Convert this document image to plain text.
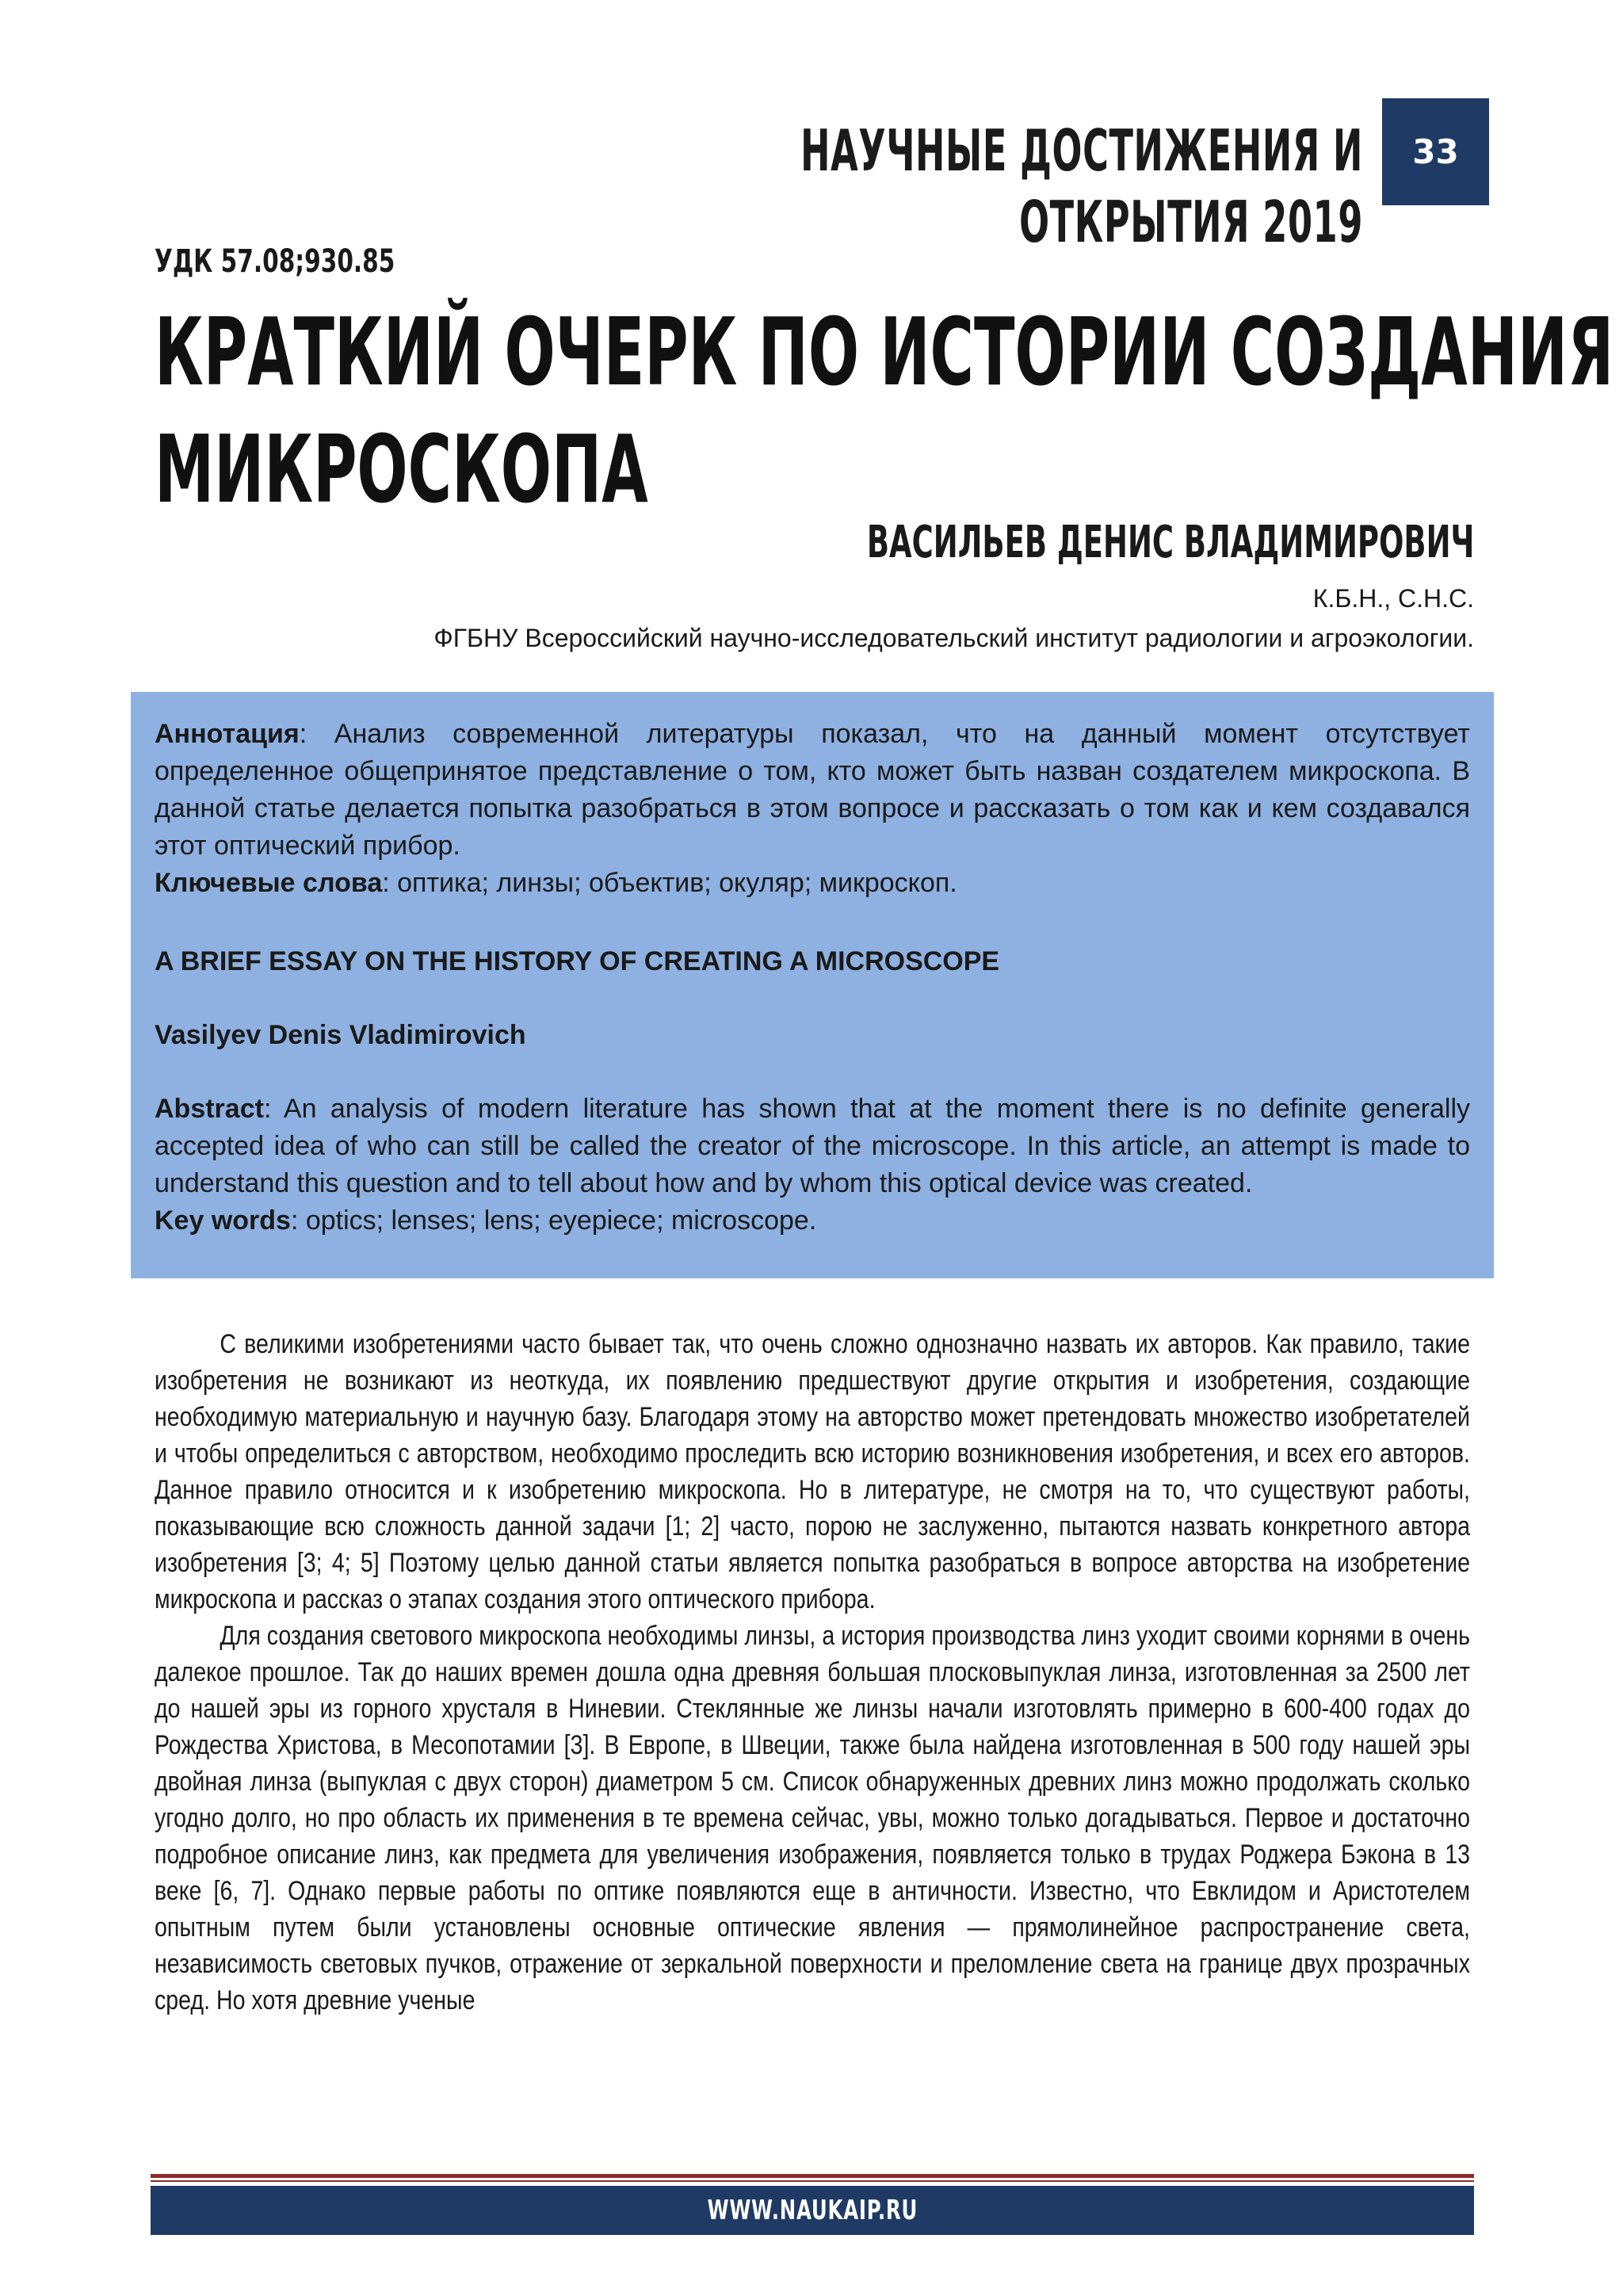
НАУЧНЫЕ ДОСТИЖЕНИЯ И ОТКРЫТИЯ 2019
33
УДК 57.08;930.85
КРАТКИЙ ОЧЕРК ПО ИСТОРИИ СОЗДАНИЯ
МИКРОСКОПА
ВАСИЛЬЕВ ДЕНИС ВЛАДИМИРОВИЧ
К.Б.Н., С.Н.С.
ФГБНУ Всероссийский научно-исследовательский институт радиологии и агроэкологии.

Аннотация: Анализ современной литературы показал, что на данный момент отсутствует определенное общепринятое представление о том, кто может быть назван создателем микроскопа. В данной статье делается попытка разобраться в этом вопросе и рассказать о том как и кем создавался этот оптический прибор.

Ключевые слова: оптика; линзы; объектив; окуляр; микроскоп.

A BRIEF ESSAY ON THE HISTORY OF CREATING A MICROSCOPE

Vasilyev Denis Vladimirovich

Abstract: An analysis of modern literature has shown that at the moment there is no definite generally accepted idea of who can still be called the creator of the microscope. In this article, an attempt is made to understand this question and to tell about how and by whom this optical device was created.

Key words: optics; lenses; lens; eyepiece; microscope.

С великими изобретениями часто бывает так, что очень сложно однозначно назвать их авторов. Как правило, такие изобретения не возникают из неоткуда, их появлению предшествуют другие открытия и изобретения, создающие необходимую материальную и научную базу. Благодаря этому на авторство может претендовать множество изобретателей и чтобы определиться с авторством, необходимо проследить всю историю возникновения изобретения, и всех его авторов. Данное правило относится и к изобретению микроскопа. Но в литературе, не смотря на то, что существуют работы, показывающие всю сложность данной задачи [1; 2] часто, порою не заслуженно, пытаются назвать конкретного автора изобретения [3; 4; 5] Поэтому целью данной статьи является попытка разобраться в вопросе авторства на изобретение микроскопа и рассказ о этапах создания этого оптического прибора.

Для создания светового микроскопа необходимы линзы, а история производства линз уходит своими корнями в очень далекое прошлое. Так до наших времен дошла одна древняя большая плосковыпуклая линза, изготовленная за 2500 лет до нашей эры из горного хрусталя в Ниневии. Стеклянные же линзы начали изготовлять примерно в 600-400 годах до Рождества Христова, в Месопотамии [3]. В Европе, в Швеции, также была найдена изготовленная в 500 году нашей эры двойная линза (выпуклая с двух сторон) диаметром 5 см. Список обнаруженных древних линз можно продолжать сколько угодно долго, но про область их применения в те времена сейчас, увы, можно только догадываться. Первое и достаточно подробное описание линз, как предмета для увеличения изображения, появляется только в трудах Роджера Бэкона в 13 веке [6, 7]. Однако первые работы по оптике появляются еще в античности. Известно, что Евклидом и Аристотелем опытным путем были установлены основные оптические явления — прямолинейное распространение света, независимость световых пучков, отражение от зеркальной поверхности и преломление света на границе двух прозрачных сред. Но хотя древние ученые

WWW.NAUKAIP.RU
